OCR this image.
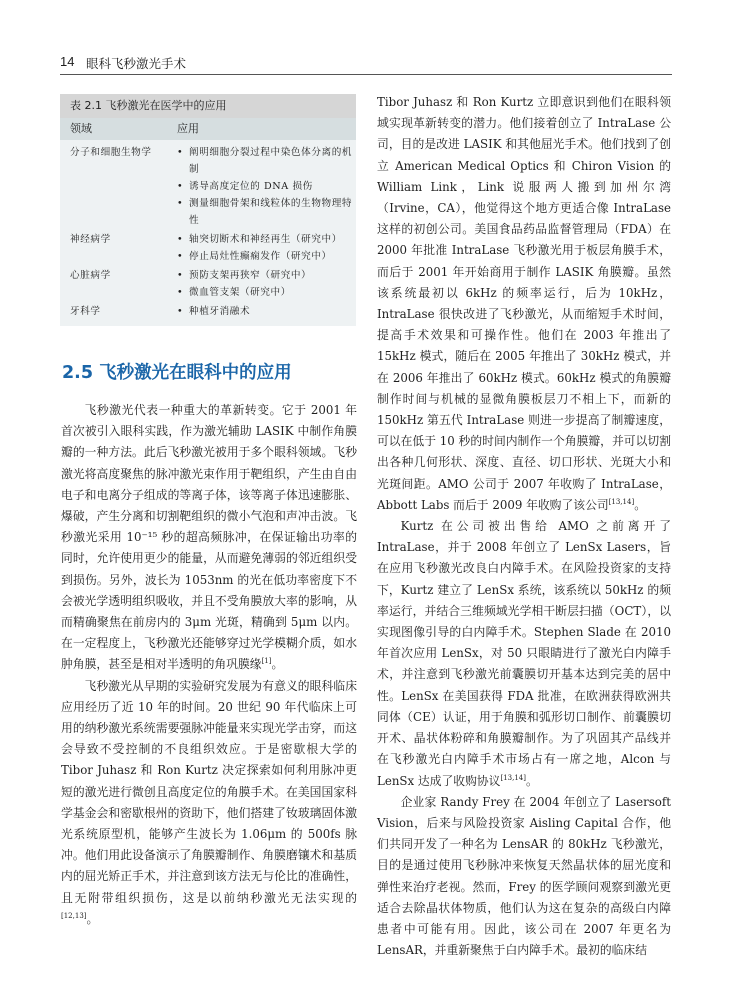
14 眼科飞秒激光手术
表 2.1 飞秒激光在医学中的应用
领域	应用
分子和细胞生物学	• 阐明细胞分裂过程中染色体分离的机制
• 诱导高度定位的 DNA 损伤
• 测量细胞骨架和线粒体的生物物理特性
神经病学	• 轴突切断术和神经再生（研究中）
• 停止局灶性癫痫发作（研究中）
心脏病学	• 预防支架再狭窄（研究中）
• 微血管支架（研究中）
牙科学	• 种植牙消融术
2.5 飞秒激光在眼科中的应用

飞秒激光代表一种重大的革新转变。它于 2001 年首次被引入眼科实践，作为激光辅助 LASIK 中制作角膜瓣的一种方法。此后飞秒激光被用于多个眼科领域。飞秒激光将高度聚焦的脉冲激光束作用于靶组织，产生由自由电子和电离分子组成的等离子体，该等离子体迅速膨胀、爆破，产生分离和切割靶组织的微小气泡和声冲击波。飞秒激光采用 10⁻¹⁵ 秒的超高频脉冲，在保证输出功率的同时，允许使用更少的能量，从而避免薄弱的邻近组织受到损伤。另外，波长为 1053nm 的光在低功率密度下不会被光学透明组织吸收，并且不受角膜放大率的影响，从而精确聚焦在前房内的 3μm 光斑，精确到 5μm 以内。在一定程度上，飞秒激光还能够穿过光学模糊介质，如水肿角膜，甚至是相对半透明的角巩膜缘[1]。

飞秒激光从早期的实验研究发展为有意义的眼科临床应用经历了近 10 年的时间。20 世纪 90 年代临床上可用的纳秒激光系统需要强脉冲能量来实现光学击穿，而这会导致不受控制的不良组织效应。于是密歇根大学的 Tibor Juhasz 和 Ron Kurtz 决定探索如何利用脉冲更短的激光进行微创且高度定位的角膜手术。在美国国家科学基金会和密歇根州的资助下，他们搭建了钕玻璃固体激光系统原型机，能够产生波长为 1.06μm 的 500fs 脉冲。他们用此设备演示了角膜瓣制作、角膜磨镶术和基质内的屈光矫正手术，并注意到该方法无与伦比的准确性，且无附带组织损伤，这是以前纳秒激光无法实现的[12,13]。

Tibor Juhasz 和 Ron Kurtz 立即意识到他们在眼科领域实现革新转变的潜力。他们接着创立了 IntraLase 公司，目的是改进 LASIK 和其他屈光手术。他们找到了创立 American Medical Optics 和 Chiron Vision 的 William Link，Link 说服两人搬到加州尔湾（Irvine，CA），他觉得这个地方更适合像 IntraLase 这样的初创公司。美国食品药品监督管理局（FDA）在 2000 年批准 IntraLase 飞秒激光用于板层角膜手术，而后于 2001 年开始商用于制作 LASIK 角膜瓣。虽然该系统最初以 6kHz 的频率运行，后为 10kHz，IntraLase 很快改进了飞秒激光，从而缩短手术时间，提高手术效果和可操作性。他们在 2003 年推出了 15kHz 模式，随后在 2005 年推出了 30kHz 模式，并在 2006 年推出了 60kHz 模式。60kHz 模式的角膜瓣制作时间与机械的显微角膜板层刀不相上下，而新的 150kHz 第五代 IntraLase 则进一步提高了制瓣速度，可以在低于 10 秒的时间内制作一个角膜瓣，并可以切割出各种几何形状、深度、直径、切口形状、光斑大小和光斑间距。AMO 公司于 2007 年收购了 IntraLase，Abbott Labs 而后于 2009 年收购了该公司[13,14]。

Kurtz 在公司被出售给 AMO 之前离开了 IntraLase，并于 2008 年创立了 LenSx Lasers，旨在应用飞秒激光改良白内障手术。在风险投资家的支持下，Kurtz 建立了 LenSx 系统，该系统以 50kHz 的频率运行，并结合三维频域光学相干断层扫描（OCT），以实现图像引导的白内障手术。Stephen Slade 在 2010 年首次应用 LenSx，对 50 只眼睛进行了激光白内障手术，并注意到飞秒激光前囊膜切开基本达到完美的居中性。LenSx 在美国获得 FDA 批准，在欧洲获得欧洲共同体（CE）认证，用于角膜和弧形切口制作、前囊膜切开术、晶状体粉碎和角膜瓣制作。为了巩固其产品线并在飞秒激光白内障手术市场占有一席之地，Alcon 与 LenSx 达成了收购协议[13,14]。

企业家 Randy Frey 在 2004 年创立了 Lasersoft Vision，后来与风险投资家 Aisling Capital 合作，他们共同开发了一种名为 LensAR 的 80kHz 飞秒激光，目的是通过使用飞秒脉冲来恢复天然晶状体的屈光度和弹性来治疗老视。然而，Frey 的医学顾问观察到激光更适合去除晶状体物质，他们认为这在复杂的高级白内障患者中可能有用。因此，该公司在 2007 年更名为 LensAR，并重新聚焦于白内障手术。最初的临床结
